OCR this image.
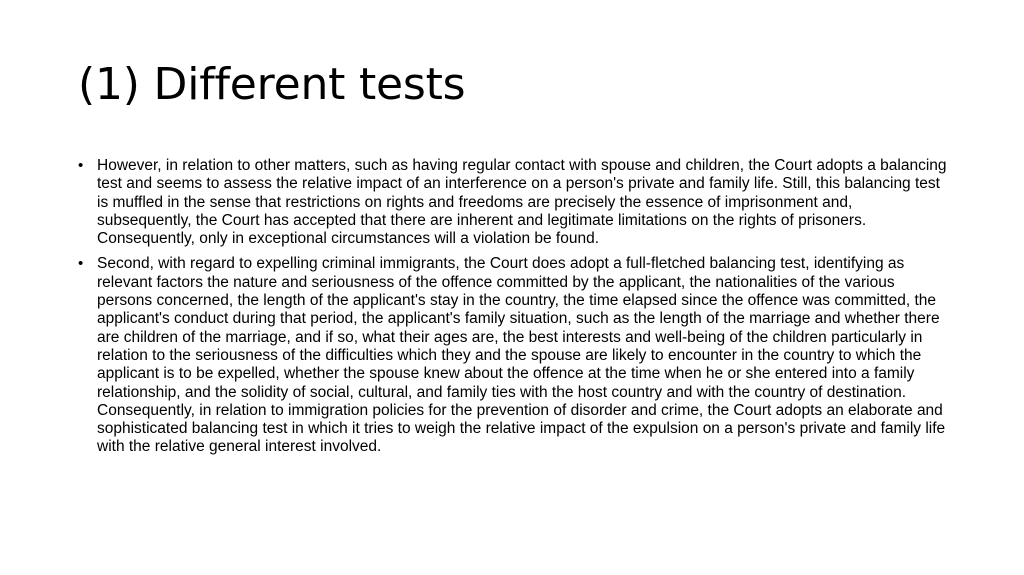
(1) Different tests
• However, in relation to other matters, such as having regular contact with spouse and children, the Court adopts a balancing test and seems to assess the relative impact of an interference on a person's private and family life. Still, this balancing test is muffled in the sense that restrictions on rights and freedoms are precisely the essence of imprisonment and, subsequently, the Court has accepted that there are inherent and legitimate limitations on the rights of prisoners. Consequently, only in exceptional circumstances will a violation be found.
• Second, with regard to expelling criminal immigrants, the Court does adopt a full-fletched balancing test, identifying as relevant factors the nature and seriousness of the offence committed by the applicant, the nationalities of the various persons concerned, the length of the applicant's stay in the country, the time elapsed since the offence was committed, the applicant's conduct during that period, the applicant's family situation, such as the length of the marriage and whether there are children of the marriage, and if so, what their ages are, the best interests and well-being of the children particularly in relation to the seriousness of the difficulties which they and the spouse are likely to encounter in the country to which the applicant is to be expelled, whether the spouse knew about the offence at the time when he or she entered into a family relationship, and the solidity of social, cultural, and family ties with the host country and with the country of destination. Consequently, in relation to immigration policies for the prevention of disorder and crime, the Court adopts an elaborate and sophisticated balancing test in which it tries to weigh the relative impact of the expulsion on a person's private and family life with the relative general interest involved.
